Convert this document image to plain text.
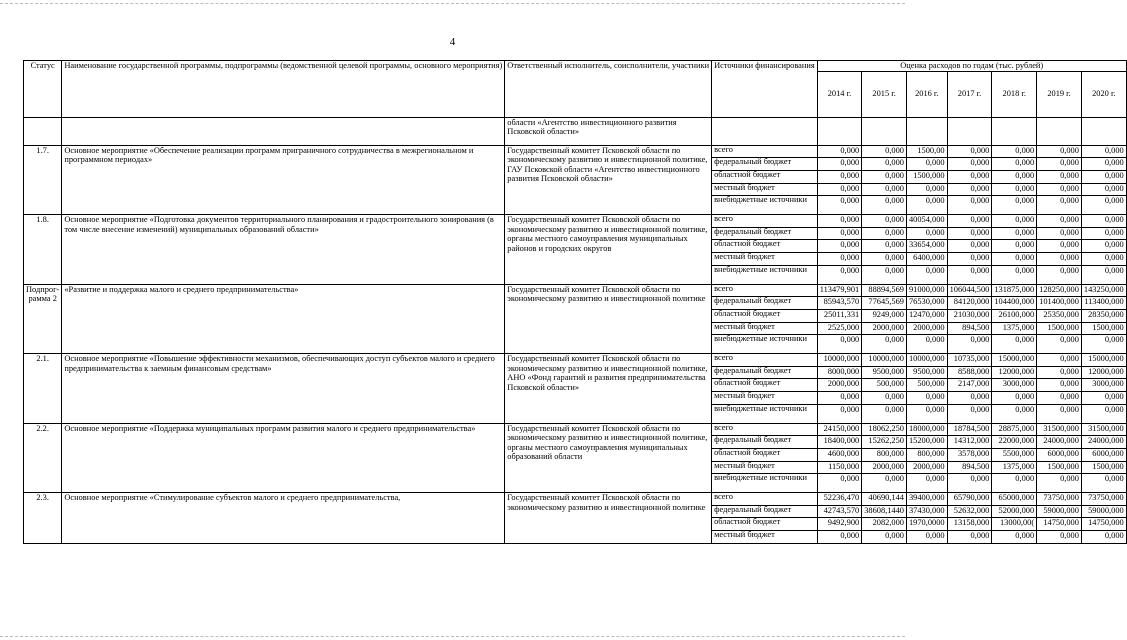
4
Статус	Наименование государственной программы, подпрограммы (ведомственной целевой программы, основного мероприятия)	Ответственный исполнитель, соисполнители, участники	Источники финансирования	Оценка расходов по годам (тыс. рублей)						
				2014 г.	2015 г.	2016 г.	2017 г.	2018 г.	2019 г.	2020 г.
		области «Агентство инвестиционного развития Псковской области»								
1.7.	Основное мероприятие «Обеспечение реализации программ приграничного сотрудничества в межрегиональном и программном периодах»	Государственный комитет Псковской области по экономическому развитию и инвестиционной политике, ГАУ Псковской области «Агентство инвестиционного развития Псковской области»	всего	0,000	0,000	1500,00	0,000	0,000	0,000	0,000
			федеральный бюджет	0,000	0,000	0,000	0,000	0,000	0,000	0,000
			областной бюджет	0,000	0,000	1500,000	0,000	0,000	0,000	0,000
			местный бюджет	0,000	0,000	0,000	0,000	0,000	0,000	0,000
			внебюджетные источники	0,000	0,000	0,000	0,000	0,000	0,000	0,000
1.8.	Основное мероприятие «Подготовка документов территориального планирования и градостроительного зонирования (в том числе внесение изменений) муниципальных образований области»	Государственный комитет Псковской области по экономическому развитию и инвестиционной политике, органы местного самоуправления муниципальных районов и городских округов	всего	0,000	0,000	40054,000	0,000	0,000	0,000	0,000
			федеральный бюджет	0,000	0,000	0,000	0,000	0,000	0,000	0,000
			областной бюджет	0,000	0,000	33654,000	0,000	0,000	0,000	0,000
			местный бюджет	0,000	0,000	6400,000	0,000	0,000	0,000	0,000
			внебюджетные источники	0,000	0,000	0,000	0,000	0,000	0,000	0,000
Подпрог-рамма 2	«Развитие и поддержка малого и среднего предпринимательства»	Государственный комитет Псковской области по экономическому развитию и инвестиционной политике	всего	113479,901	88894,569	91000,000	106044,500	131875,000	128250,000	143250,000
			федеральный бюджет	85943,570	77645,569	76530,000	84120,000	104400,000	101400,000	113400,000
			областной бюджет	25011,331	9249,000	12470,000	21030,000	26100,000	25350,000	28350,000
			местный бюджет	2525,000	2000,000	2000,000	894,500	1375,000	1500,000	1500,000
			внебюджетные источники	0,000	0,000	0,000	0,000	0,000	0,000	0,000
2.1.	Основное мероприятие «Повышение эффективности механизмов, обеспечивающих доступ субъектов малого и среднего предпринимательства к заемным финансовым средствам»	Государственный комитет Псковской области по экономическому развитию и инвестиционной политике, АНО «Фонд гарантий и развития предпринимательства Псковской области»	всего	10000,000	10000,000	10000,000	10735,000	15000,000	0,000	15000,000
			федеральный бюджет	8000,000	9500,000	9500,000	8588,000	12000,000	0,000	12000,000
			областной бюджет	2000,000	500,000	500,000	2147,000	3000,000	0,000	3000,000
			местный бюджет	0,000	0,000	0,000	0,000	0,000	0,000	0,000
			внебюджетные источники	0,000	0,000	0,000	0,000	0,000	0,000	0,000
2.2.	Основное мероприятие «Поддержка муниципальных программ развития малого и среднего предпринимательства»	Государственный комитет Псковской области по экономическому развитию и инвестиционной политике, органы местного самоуправления муниципальных образований области	всего	24150,000	18062,250	18000,000	18784,500	28875,000	31500,000	31500,000
			федеральный бюджет	18400,000	15262,250	15200,000	14312,000	22000,000	24000,000	24000,000
			областной бюджет	4600,000	800,000	800,000	3578,000	5500,000	6000,000	6000,000
			местный бюджет	1150,000	2000,000	2000,000	894,500	1375,000	1500,000	1500,000
			внебюджетные источники	0,000	0,000	0,000	0,000	0,000	0,000	0,000
2.3.	Основное мероприятие «Стимулирование субъектов малого и среднего предпринимательства,	Государственный комитет Псковской области по экономическому развитию и инвестиционной политике	всего	52236,470	40690,144	39400,000	65790,000	65000,000	73750,000	73750,000
			федеральный бюджет	42743,570	38608,1440	37430,000	52632,000	52000,000	59000,000	59000,000
			областной бюджет	9492,900	2082,000	1970,0000	13158,000	13000,00(	14750,000	14750,000
			местный бюджет	0,000	0,000	0,000	0,000	0,000	0,000	0,000
